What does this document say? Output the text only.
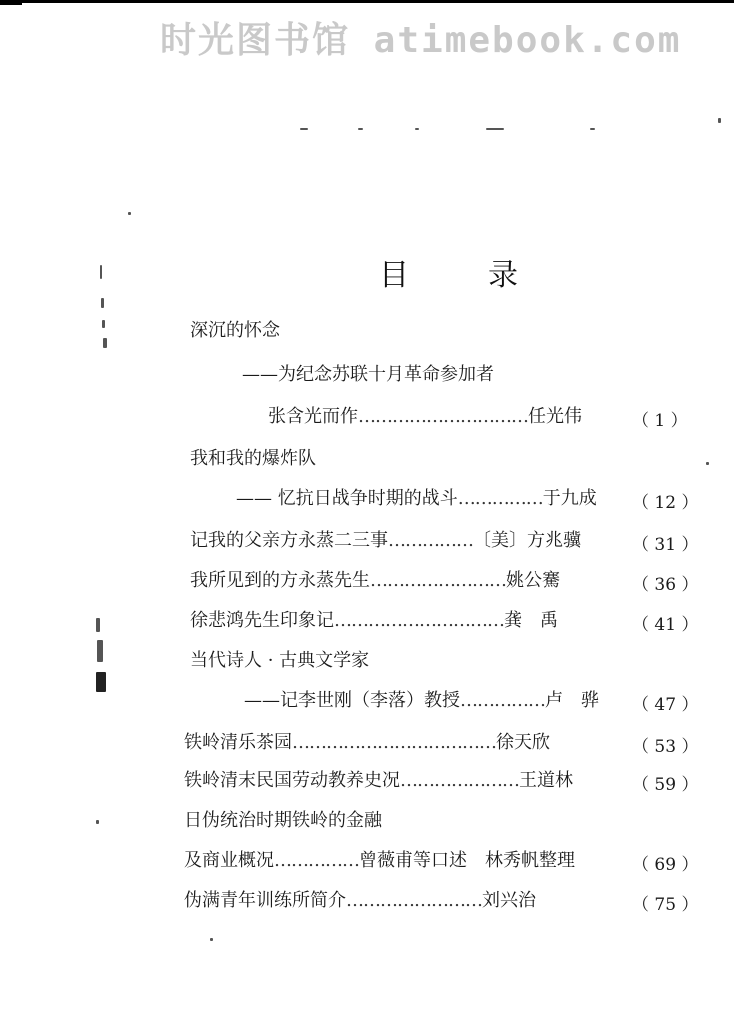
时光图书馆 atimebook.com
目	录
深沉的怀念
——为纪念苏联十月革命参加者
张含光而作…………………………任光伟	（ 1 ）
我和我的爆炸队
—— 忆抗日战争时期的战斗……………于九成 （ 12 ）
记我的父亲方永蒸二三事……………〔美〕方兆骥	（ 31 ）
我所见到的方永蒸先生……………………姚公騫	（ 36 ）
徐悲鸿先生印象记…………………………龚　禹	（ 41 ）
当代诗人 · 古典文学家
——记李世刚（李落）教授……………卢　骅 （ 47 ）
铁岭清乐茶园………………………………徐天欣	（ 53 ）
铁岭清末民国劳动教养史况…………………王道林	（ 59 ）
日伪统治时期铁岭的金融
及商业概况……………曾薇甫等口述　林秀帆整理	（ 69 ）
伪满青年训练所简介……………………刘兴治	（ 75 ）
